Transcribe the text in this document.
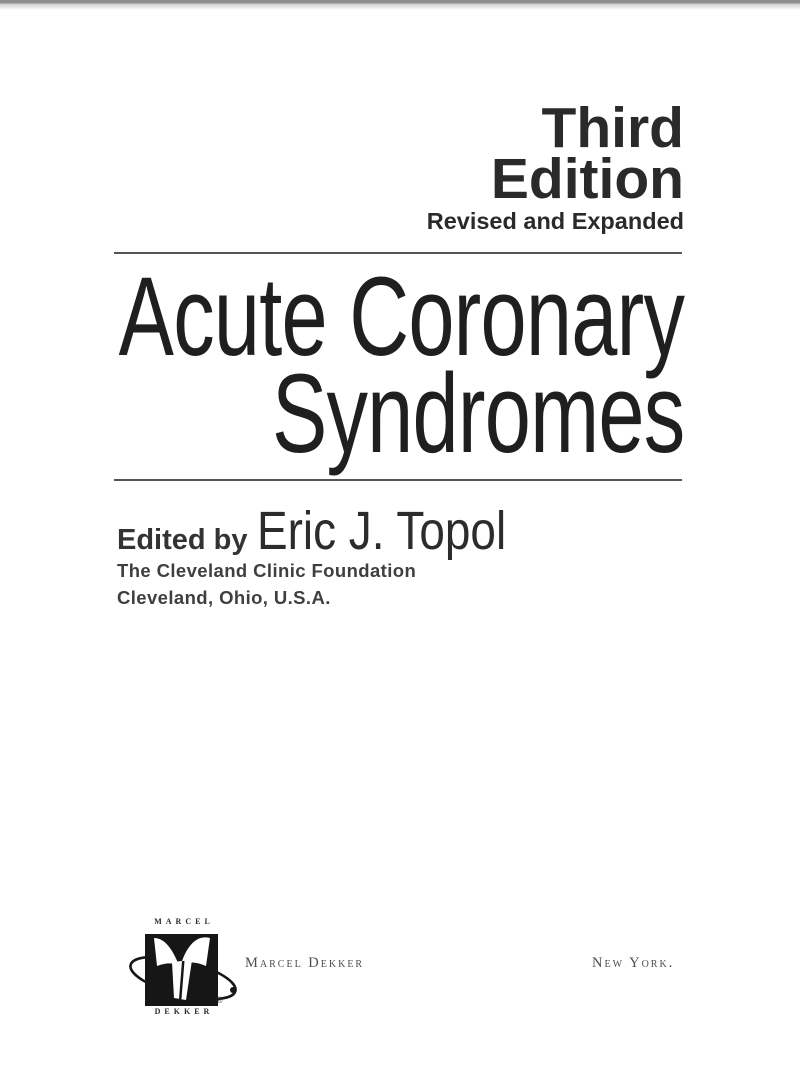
Third
Edition
Revised and Expanded
Acute Coronary
Syndromes
Edited by Eric J. Topol
The Cleveland Clinic Foundation
Cleveland, Ohio, U.S.A.
MARCEL
®
DEKKER
Marcel Dekker	New York.
